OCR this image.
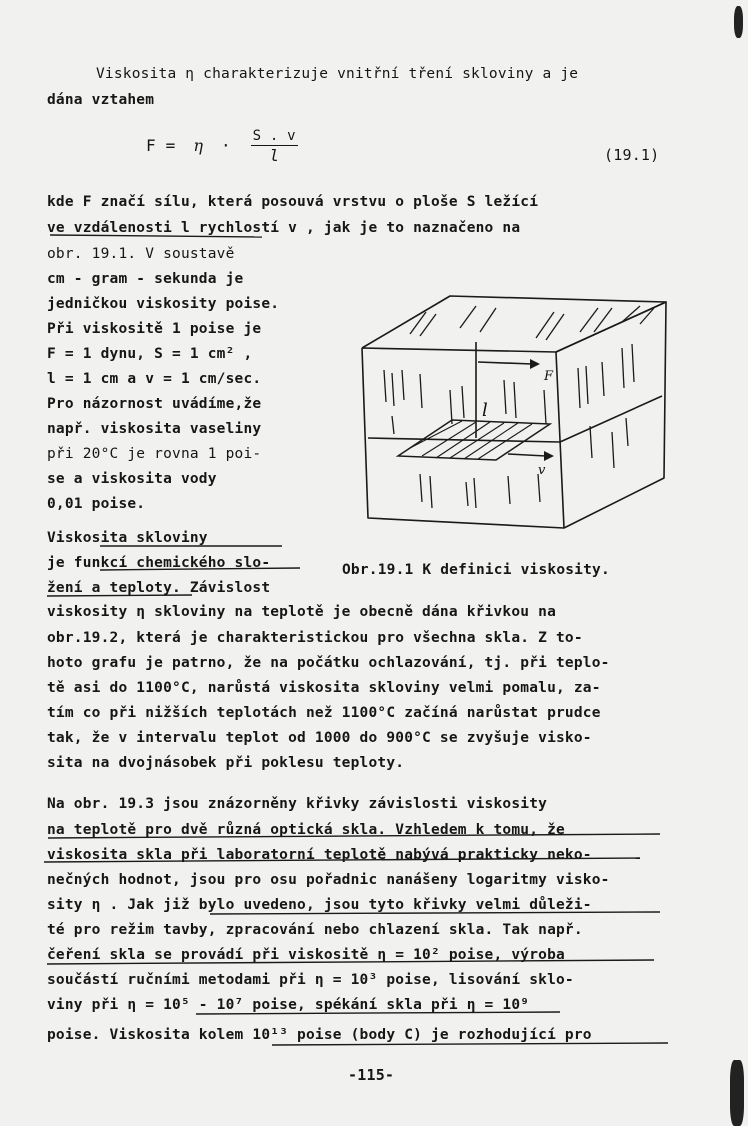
Viskosita η charakterizuje vnitřní tření skloviny a je
dána vztahem
$F = \eta \cdot \frac{S . v}{l}$	(19.1)
kde F značí sílu, která posouvá vrstvu o ploše S ležící
ve vzdálenosti l rychlostí v , jak je to naznačeno na
obr. 19.1. V soustavě
cm - gram - sekunda je
jedničkou viskosity poise.
Při viskositě 1 poise je
F = 1 dynu, S = 1 cm² ,
l = 1 cm a v = 1 cm/sec.
Pro názornost uvádíme,že
např. viskosita vaseliny
při 20°C je rovna 1 poi-
se a viskosita vody
0,01 poise.
Viskosita skloviny
je funkcí chemického slo-
žení a teploty. Závislost
l
F
v
Obr.19.1 K definici viskosity.
viskosity η skloviny na teplotě je obecně dána křivkou na
obr.19.2, která je charakteristickou pro všechna skla. Z to-
hoto grafu je patrno, že na počátku ochlazování, tj. při teplo-
tě asi do 1100°C, narůstá viskosita skloviny velmi pomalu, za-
tím co při nižších teplotách než 1100°C začíná narůstat prudce
tak, že v intervalu teplot od 1000 do 900°C se zvyšuje visko-
sita na dvojnásobek při poklesu teploty.
Na obr. 19.3 jsou znázorněny křivky závislosti viskosity
na teplotě pro dvě různá optická skla. Vzhledem k tomu, že
viskosita skla při laboratorní teplotě nabývá prakticky neko-
nečných hodnot, jsou pro osu pořadnic nanášeny logaritmy visko-
sity η . Jak již bylo uvedeno, jsou tyto křivky velmi důleži-
té pro režim tavby, zpracování nebo chlazení skla. Tak např.
čeření skla se provádí při viskositě η = 10² poise, výroba
součástí ručními metodami při η = 10³ poise, lisování sklo-
viny při η = 10⁵ - 10⁷ poise, spékání skla při η = 10⁹
poise. Viskosita kolem 10¹³ poise (body C) je rozhodující pro
-115-
